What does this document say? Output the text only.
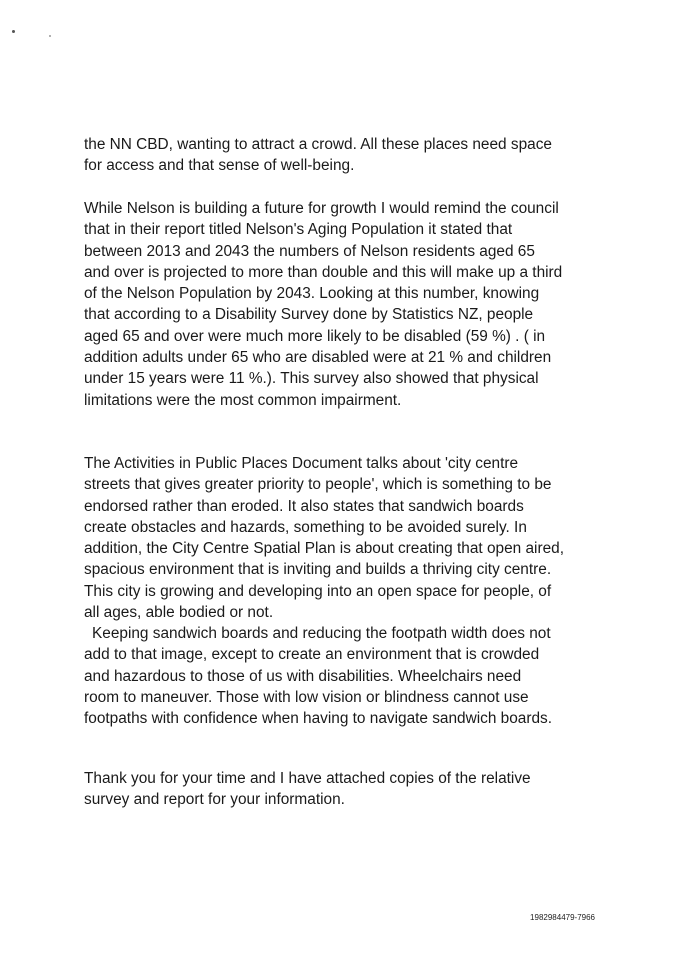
the NN CBD, wanting to attract a crowd. All these places need space
for access and that sense of well-being.

While Nelson is building a future for growth I would remind the council
that in their report titled Nelson's Aging Population it stated that
between 2013 and 2043 the numbers of Nelson residents aged 65
and over is projected to more than double and this will make up a third
of the Nelson Population by 2043. Looking at this number, knowing
that according to a Disability Survey done by Statistics NZ, people
aged 65 and over were much more likely to be disabled (59 %) . ( in
addition adults under 65 who are disabled were at 21 % and children
under 15 years were 11 %.). This survey also showed that physical
limitations were the most common impairment.

The Activities in Public Places Document talks about 'city centre
streets that gives greater priority to people', which is something to be
endorsed rather than eroded. It also states that sandwich boards
create obstacles and hazards, something to be avoided surely. In
addition, the City Centre Spatial Plan is about creating that open aired,
spacious environment that is inviting and builds a thriving city centre.
This city is growing and developing into an open space for people, of
all ages, able bodied or not.

Keeping sandwich boards and reducing the footpath width does not
add to that image, except to create an environment that is crowded
and hazardous to those of us with disabilities. Wheelchairs need
room to maneuver. Those with low vision or blindness cannot use
footpaths with confidence when having to navigate sandwich boards.

Thank you for your time and I have attached copies of the relative
survey and report for your information.

1982984479-7966
